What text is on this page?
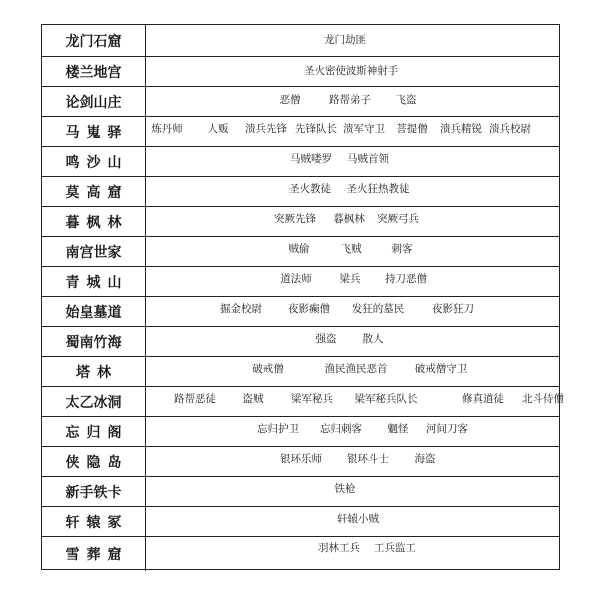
龙门石窟	龙门劫匪
楼兰地宫	圣火密使 波斯神射手
论剑山庄	恶僧	路帮弟子 飞盗
马嵬驿	炼丹师 人贩 溃兵先锋 先锋队长 溃军守卫 菩提僧 溃兵精锐 溃兵校尉
鸣沙山	马贼喽罗 马贼首领
莫高窟	圣火教徒 圣火狂热教徒
暮枫林	突厥先锋 暮枫林 突厥弓兵
南宫世家	贼偷	飞贼	刺客
青城山	道法师	梁兵 持刀恶僧
始皇墓道	掘金校尉 夜影癫僧 发狂的墓民	夜影狂刀
蜀南竹海	强盗 散人
塔林	破戒僧	渔民渔民恶首	破戒僧守卫
太乙冰洞	路帮恶徒	盗贼	梁军秘兵 梁军秘兵队长	修真道徒 北斗侍僧
忘归阁	忘归护卫 忘归刺客 魍怪 河间刀客
侠隐岛	银环乐师 银环斗士 海盗
新手铁卡	铁枪
轩辕冢	轩辕小贼
雪葬窟	羽林工兵 工兵监工
